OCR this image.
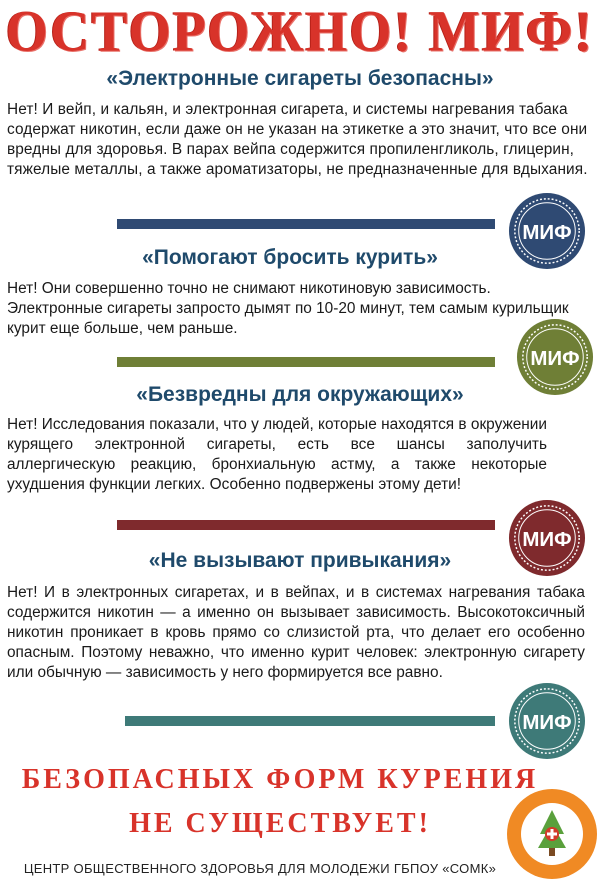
ОСТОРОЖНО! МИФ!
«Электронные сигареты безопасны»
Нет! И вейп, и кальян, и электронная сигарета, и системы нагревания табака содержат никотин, если даже он не указан на этикетке а это значит, что все они вредны для здоровья. В парах вейпа содержится пропиленгликоль, глицерин, тяжелые металлы, а также ароматизаторы, не предназначенные для вдыхания.
МИФ
«Помогают бросить курить»
Нет! Они совершенно точно не снимают никотиновую зависимость. Электронные сигареты запросто дымят по 10-20 минут, тем самым курильщик курит еще больше, чем раньше.
МИФ
«Безвредны для окружающих»
Нет! Исследования показали, что у людей, которые находятся в окружении курящего электронной сигареты, есть все шансы заполучить аллергическую реакцию, бронхиальную астму, а также некоторые ухудшения функции легких. Особенно подвержены этому дети!
МИФ
«Не вызывают привыкания»
Нет! И в электронных сигаретах, и в вейпах, и в системах нагревания табака содержится никотин — а именно он вызывает зависимость. Высокотоксичный никотин проникает в кровь прямо со слизистой рта, что делает его особенно опасным. Поэтому неважно, что именно курит человек: электронную сигарету или обычную — зависимость у него формируется все равно.
МИФ
БЕЗОПАСНЫХ ФОРМ КУРЕНИЯ
НЕ СУЩЕСТВУЕТ!
ЦЕНТР ОБЩЕСТВЕННОГО ЗДОРОВЬЯ ДЛЯ МОЛОДЕЖИ ГБПОУ «СОМК»
